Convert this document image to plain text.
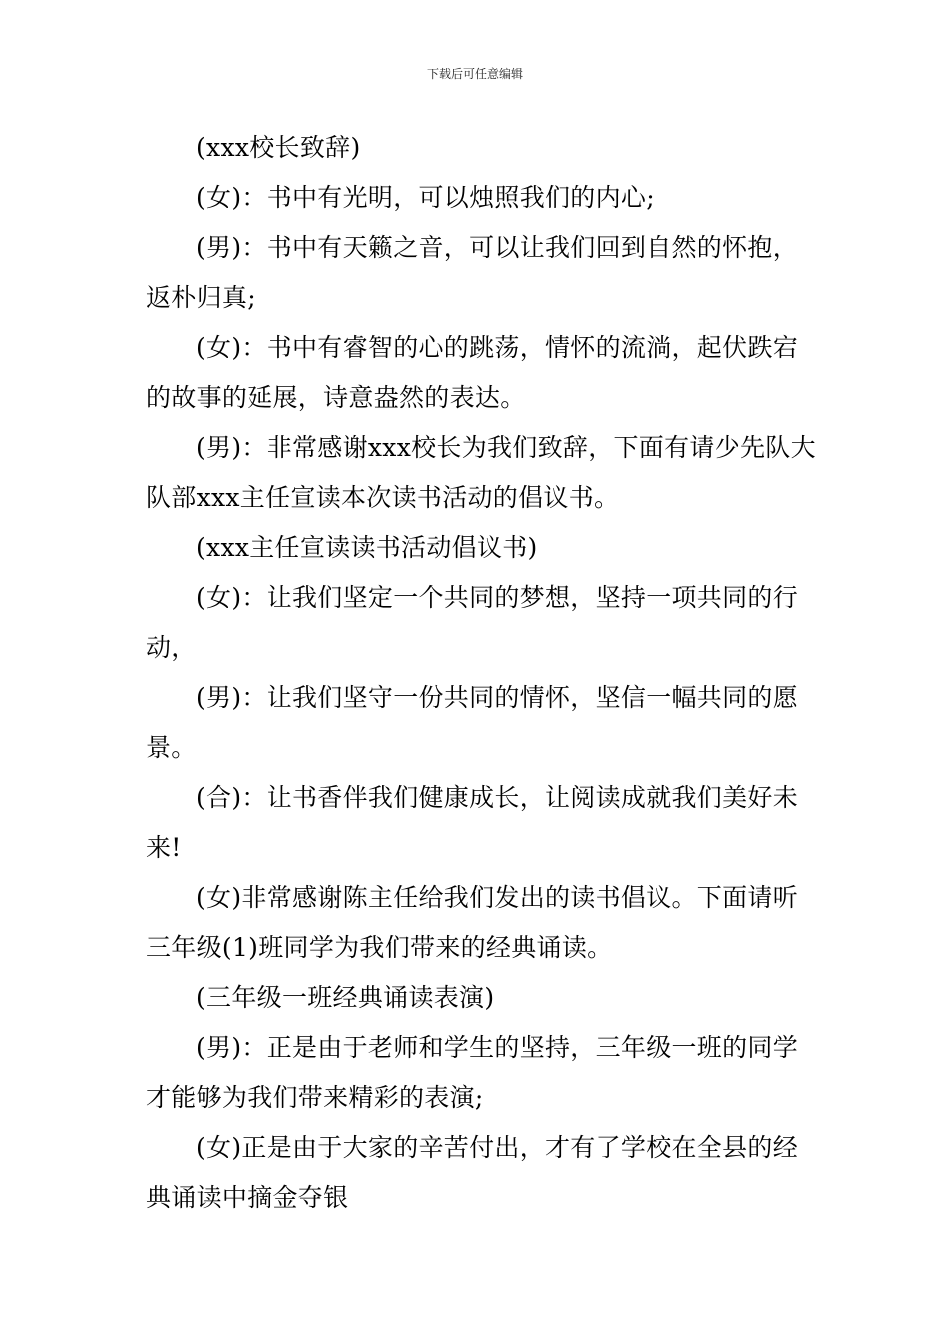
下载后可任意编辑

(xxx校长致辞)

(女)：书中有光明，可以烛照我们的内心;

(男)：书中有天籁之音，可以让我们回到自然的怀抱，返朴归真;

(女)：书中有睿智的心的跳荡，情怀的流淌，起伏跌宕的故事的延展，诗意盎然的表达。

(男)：非常感谢xxx校长为我们致辞，下面有请少先队大队部xxx主任宣读本次读书活动的倡议书。

(xxx主任宣读读书活动倡议书)

(女)：让我们坚定一个共同的梦想，坚持一项共同的行动，

(男)：让我们坚守一份共同的情怀，坚信一幅共同的愿景。

(合)：让书香伴我们健康成长，让阅读成就我们美好未来!

(女)非常感谢陈主任给我们发出的读书倡议。下面请听三年级(1)班同学为我们带来的经典诵读。

(三年级一班经典诵读表演)

(男)：正是由于老师和学生的坚持，三年级一班的同学才能够为我们带来精彩的表演;

(女)正是由于大家的辛苦付出，才有了学校在全县的经典诵读中摘金夺银
